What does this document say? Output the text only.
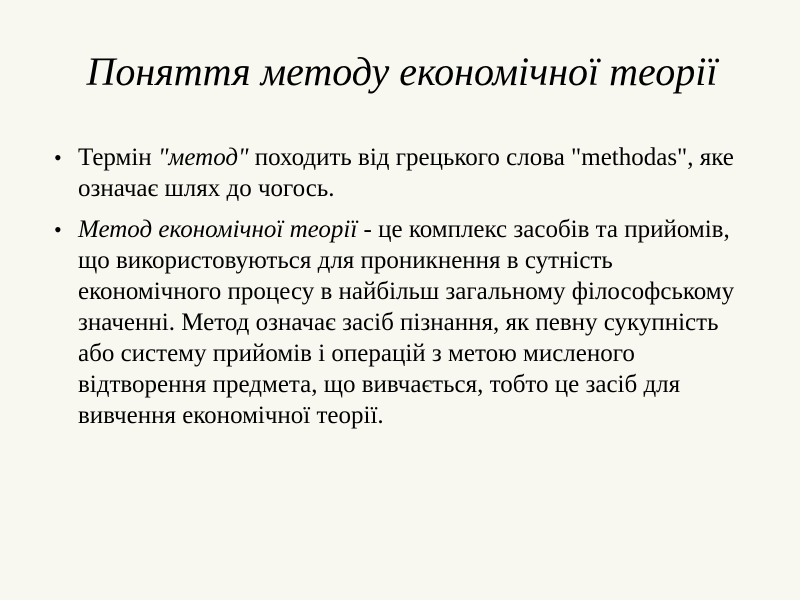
Поняття методу економічної теорії
• Термін "метод" походить від грецького слова "methodas", яке означає шлях до чогось.
• Метод економічної теорії - це комплекс засобів та прийомів, що використовуються для проникнення в сутність економічного процесу в найбільш загальному філософському значенні. Метод означає засіб пізнання, як певну сукупність або систему прийомів і операцій з метою мисленого відтворення предмета, що вивчається, тобто це засіб для вивчення економічної теорії.
